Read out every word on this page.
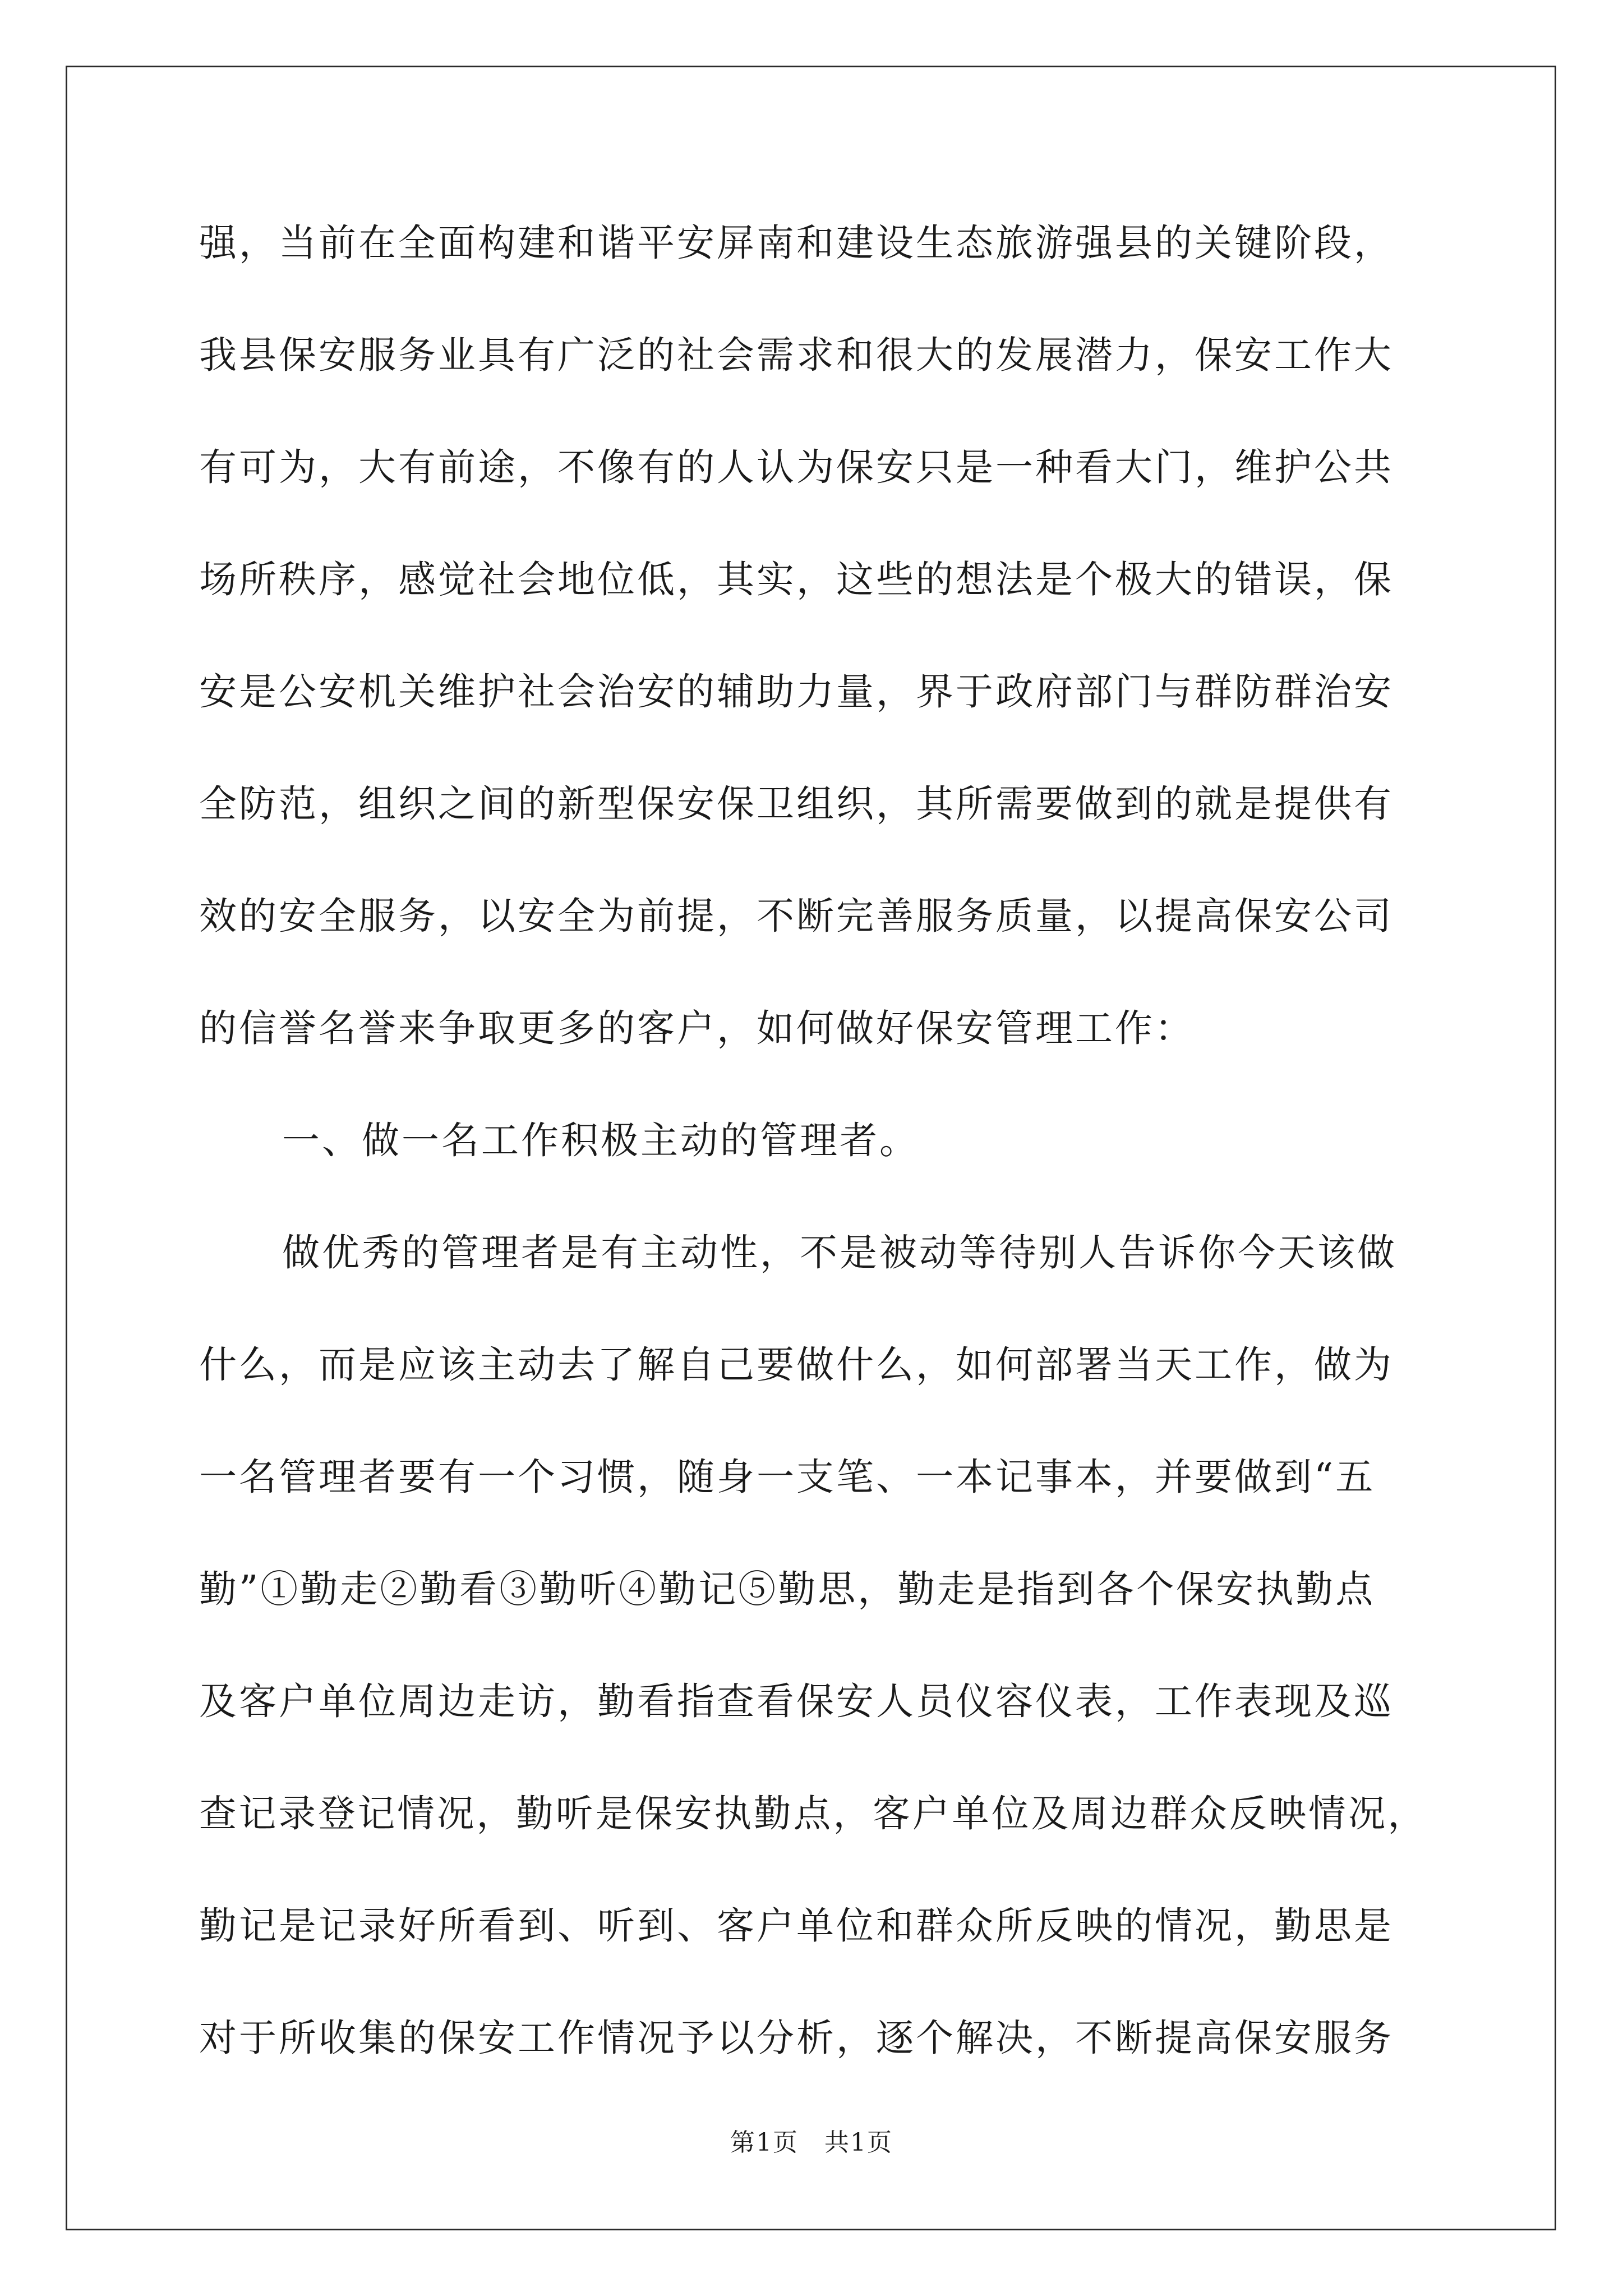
强，当前在全面构建和谐平安屏南和建设生态旅游强县的关键阶段，
我县保安服务业具有广泛的社会需求和很大的发展潜力，保安工作大
有可为，大有前途，不像有的人认为保安只是一种看大门，维护公共
场所秩序，感觉社会地位低，其实，这些的想法是个极大的错误，保
安是公安机关维护社会治安的辅助力量，界于政府部门与群防群治安
全防范，组织之间的新型保安保卫组织，其所需要做到的就是提供有
效的安全服务，以安全为前提，不断完善服务质量，以提高保安公司
的信誉名誉来争取更多的客户，如何做好保安管理工作：
一、做一名工作积极主动的管理者。
做优秀的管理者是有主动性，不是被动等待别人告诉你今天该做
什么，而是应该主动去了解自己要做什么，如何部署当天工作，做为
一名管理者要有一个习惯，随身一支笔、一本记事本，并要做到“五
勤”①勤走②勤看③勤听④勤记⑤勤思，勤走是指到各个保安执勤点
及客户单位周边走访，勤看指查看保安人员仪容仪表，工作表现及巡
查记录登记情况，勤听是保安执勤点，客户单位及周边群众反映情况，
勤记是记录好所看到、听到、客户单位和群众所反映的情况，勤思是
对于所收集的保安工作情况予以分析，逐个解决，不断提高保安服务
第1页　共1页
